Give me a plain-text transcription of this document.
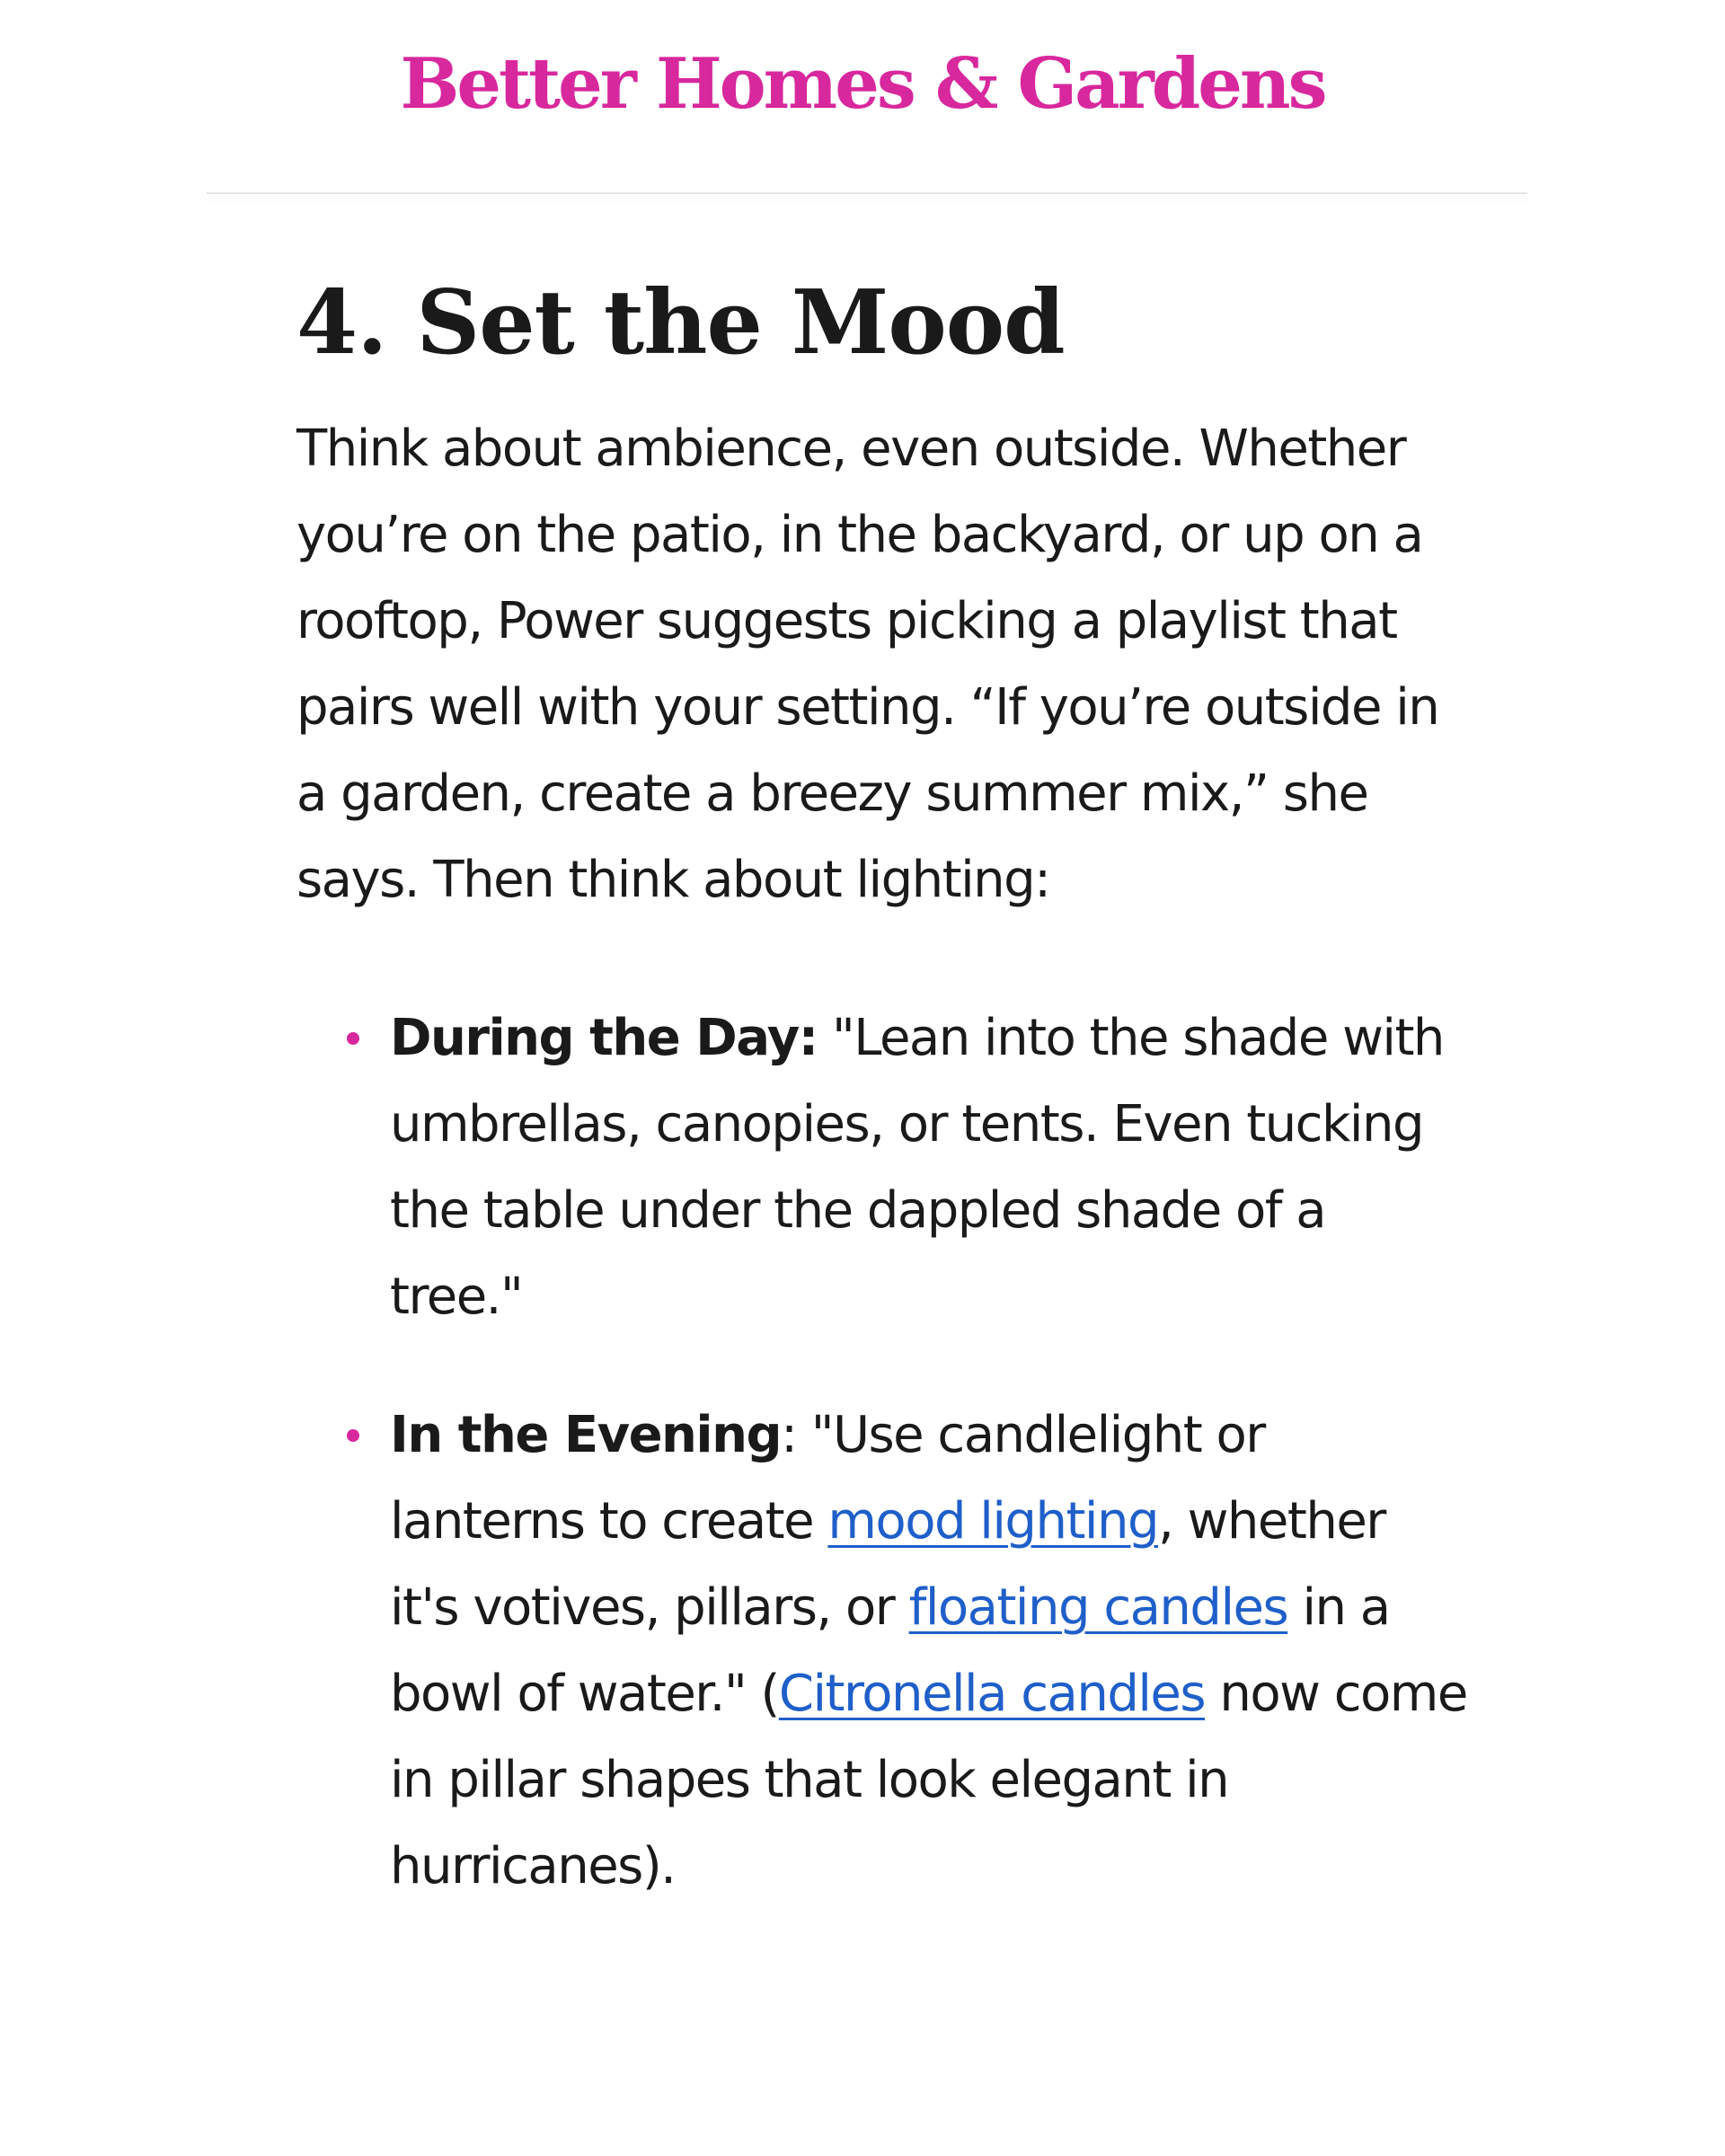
Better Homes & Gardens
4. Set the Mood

Think about ambience, even outside. Whether you’re on the patio, in the backyard, or up on a rooftop, Power suggests picking a playlist that pairs well with your setting. “If you’re outside in a garden, create a breezy summer mix,” she says. Then think about lighting:

During the Day: "Lean into the shade with umbrellas, canopies, or tents. Even tucking the table under the dappled shade of a tree."
In the Evening: "Use candlelight or lanterns to create mood lighting, whether it's votives, pillars, or floating candles in a bowl of water." (Citronella candles now come in pillar shapes that look elegant in hurricanes).
